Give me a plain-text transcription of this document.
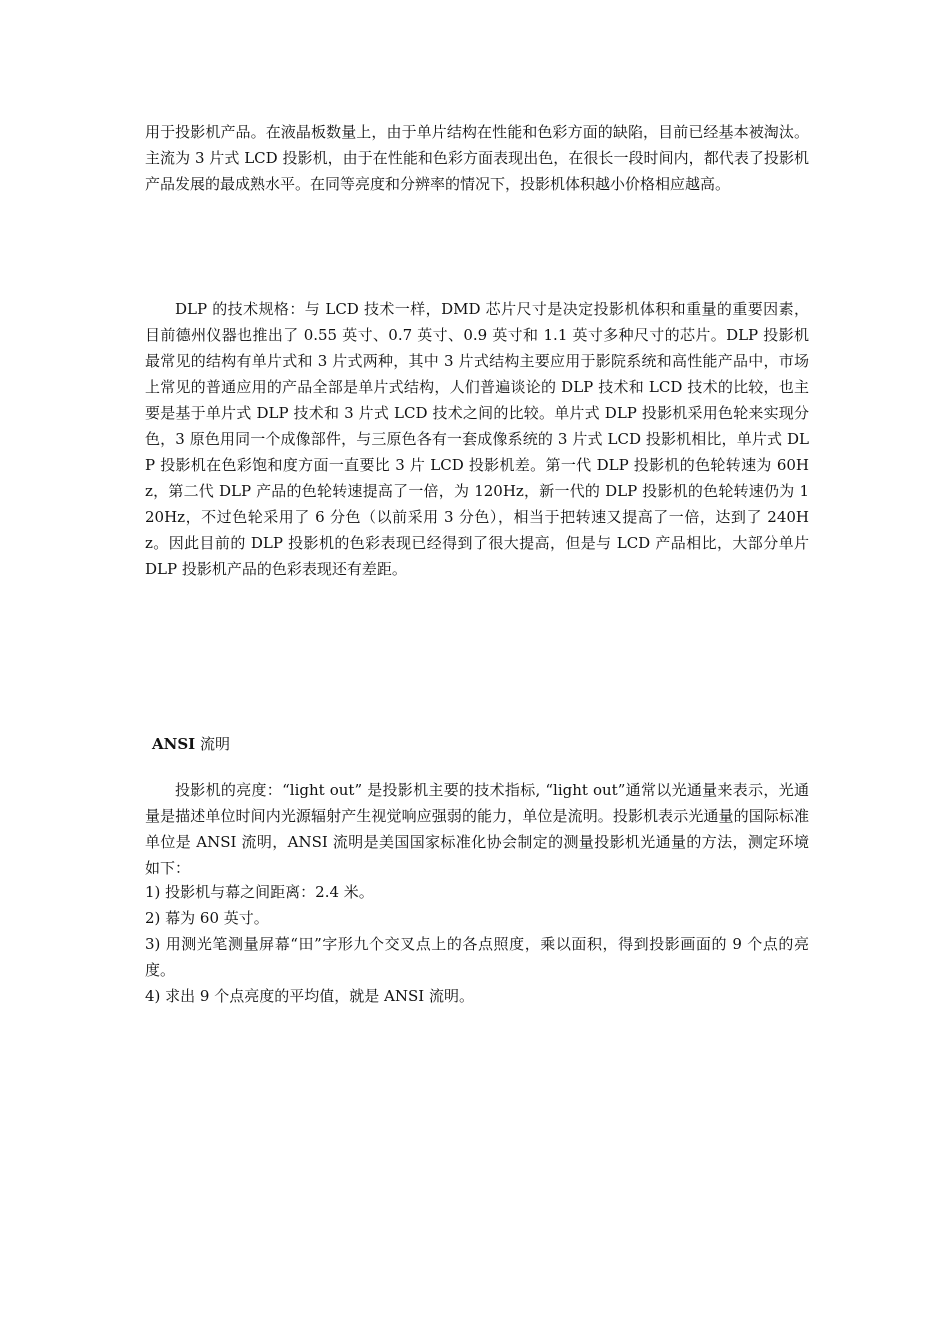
用于投影机产品。在液晶板数量上，由于单片结构在性能和色彩方面的缺陷，目前已经基本被淘汰。主流为 3 片式 LCD 投影机，由于在性能和色彩方面表现出色，在很长一段时间内，都代表了投影机产品发展的最成熟水平。在同等亮度和分辨率的情况下，投影机体积越小价格相应越高。

DLP 的技术规格：与 LCD 技术一样，DMD 芯片尺寸是决定投影机体积和重量的重要因素，目前德州仪器也推出了 0.55 英寸、0.7 英寸、0.9 英寸和 1.1 英寸多种尺寸的芯片。DLP 投影机最常见的结构有单片式和 3 片式两种，其中 3 片式结构主要应用于影院系统和高性能产品中，市场上常见的普通应用的产品全部是单片式结构，人们普遍谈论的 DLP 技术和 LCD 技术的比较，也主要是基于单片式 DLP 技术和 3 片式 LCD 技术之间的比较。单片式 DLP 投影机采用色轮来实现分色，3 原色用同一个成像部件，与三原色各有一套成像系统的 3 片式 LCD 投影机相比，单片式 DLP 投影机在色彩饱和度方面一直要比 3 片 LCD 投影机差。第一代 DLP 投影机的色轮转速为 60Hz，第二代 DLP 产品的色轮转速提高了一倍，为 120Hz，新一代的 DLP 投影机的色轮转速仍为 120Hz，不过色轮采用了 6 分色（以前采用 3 分色），相当于把转速又提高了一倍，达到了 240Hz。因此目前的 DLP 投影机的色彩表现已经得到了很大提高，但是与 LCD 产品相比，大部分单片 DLP 投影机产品的色彩表现还有差距。

ANSI 流明

投影机的亮度：“light out” 是投影机主要的技术指标, “light out”通常以光通量来表示，光通量是描述单位时间内光源辐射产生视觉响应强弱的能力，单位是流明。投影机表示光通量的国际标准单位是 ANSI 流明，ANSI 流明是美国国家标准化协会制定的测量投影机光通量的方法，测定环境如下：

1) 投影机与幕之间距离：2.4 米。
2) 幕为 60 英寸。
3) 用测光笔测量屏幕“田”字形九个交叉点上的各点照度，乘以面积，得到投影画面的 9 个点的亮度。
4) 求出 9 个点亮度的平均值，就是 ANSI 流明。
